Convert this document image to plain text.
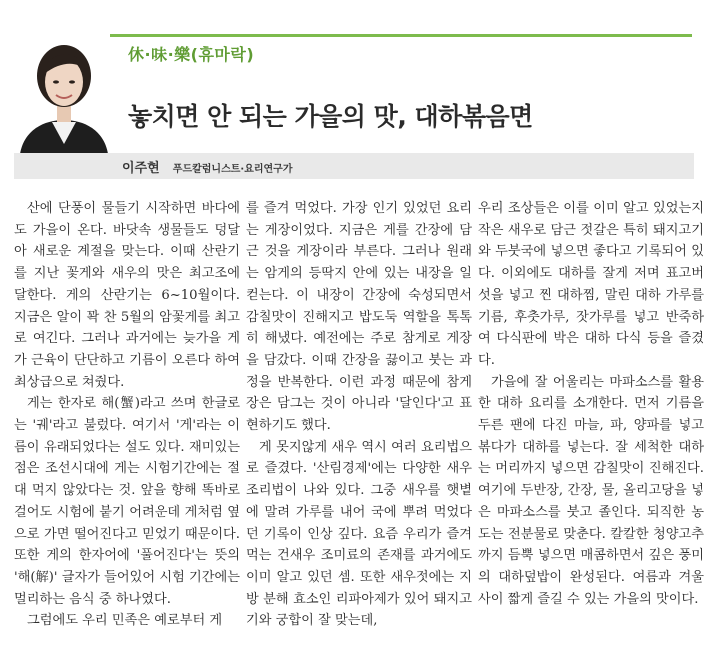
休·味·樂(휴마락)
놓치면 안 되는 가을의 맛, 대하볶음면
이주현 푸드칼럼니스트·요리연구가

산에 단풍이 물들기 시작하면 바다에도 가을이 온다. 바닷속 생물들도 덩달아 새로운 계절을 맞는다. 이때 산란기를 지난 꽃게와 새우의 맛은 최고조에 달한다. 게의 산란기는 6~10월이다. 지금은 알이 꽉 찬 5월의 암꽃게를 최고로 여긴다. 그러나 과거에는 늦가을 게가 근육이 단단하고 기름이 오른다 하여 최상급으로 쳐줬다.

게는 한자로 해(蟹)라고 쓰며 한글로는 '궤'라고 불렀다. 여기서 '게'라는 이름이 유래되었다는 설도 있다. 재미있는 점은 조선시대에 게는 시험기간에는 절대 먹지 않았다는 것. 앞을 향해 똑바로 걸어도 시험에 붙기 어려운데 게처럼 옆으로 가면 떨어진다고 믿었기 때문이다. 또한 게의 한자어에 '풀어진다'는 뜻의 '해(解)' 글자가 들어있어 시험 기간에는 멀리하는 음식 중 하나였다.

그럼에도 우리 민족은 예로부터 게

를 즐겨 먹었다. 가장 인기 있었던 요리는 게장이었다. 지금은 게를 간장에 담근 것을 게장이라 부른다. 그러나 원래는 암게의 등딱지 안에 있는 내장을 일컫는다. 이 내장이 간장에 숙성되면서 감칠맛이 진해지고 밥도둑 역할을 톡톡히 해냈다. 예전에는 주로 참게로 게장을 담갔다. 이때 간장을 끓이고 붓는 과정을 반복한다. 이런 과정 때문에 참게장은 담그는 것이 아니라 '달인다'고 표현하기도 했다.

게 못지않게 새우 역시 여러 요리법으로 즐겼다. '산림경제'에는 다양한 새우 조리법이 나와 있다. 그중 새우를 햇볕에 말려 가루를 내어 국에 뿌려 먹었다던 기록이 인상 깊다. 요즘 우리가 즐겨 먹는 건새우 조미료의 존재를 과거에도 이미 알고 있던 셈. 또한 새우젓에는 지방 분해 효소인 리파아제가 있어 돼지고기와 궁합이 잘 맞는데,

우리 조상들은 이를 이미 알고 있었는지 작은 새우로 담근 젓갈은 특히 돼지고기와 두붓국에 넣으면 좋다고 기록되어 있다. 이외에도 대하를 잘게 저며 표고버섯을 넣고 찐 대하찜, 말린 대하 가루를 기름, 후춧가루, 잣가루를 넣고 반죽하여 다식판에 박은 대하 다식 등을 즐겼다.

가을에 잘 어울리는 마파소스를 활용한 대하 요리를 소개한다. 먼저 기름을 두른 팬에 다진 마늘, 파, 양파를 넣고 볶다가 대하를 넣는다. 잘 세척한 대하는 머리까지 넣으면 감칠맛이 진해진다. 여기에 두반장, 간장, 물, 올리고당을 넣은 마파소스를 붓고 졸인다. 되직한 농도는 전분물로 맞춘다. 칼칼한 청양고추까지 듬뿍 넣으면 매콤하면서 깊은 풍미의 대하덮밥이 완성된다. 여름과 겨울 사이 짧게 즐길 수 있는 가을의 맛이다.
